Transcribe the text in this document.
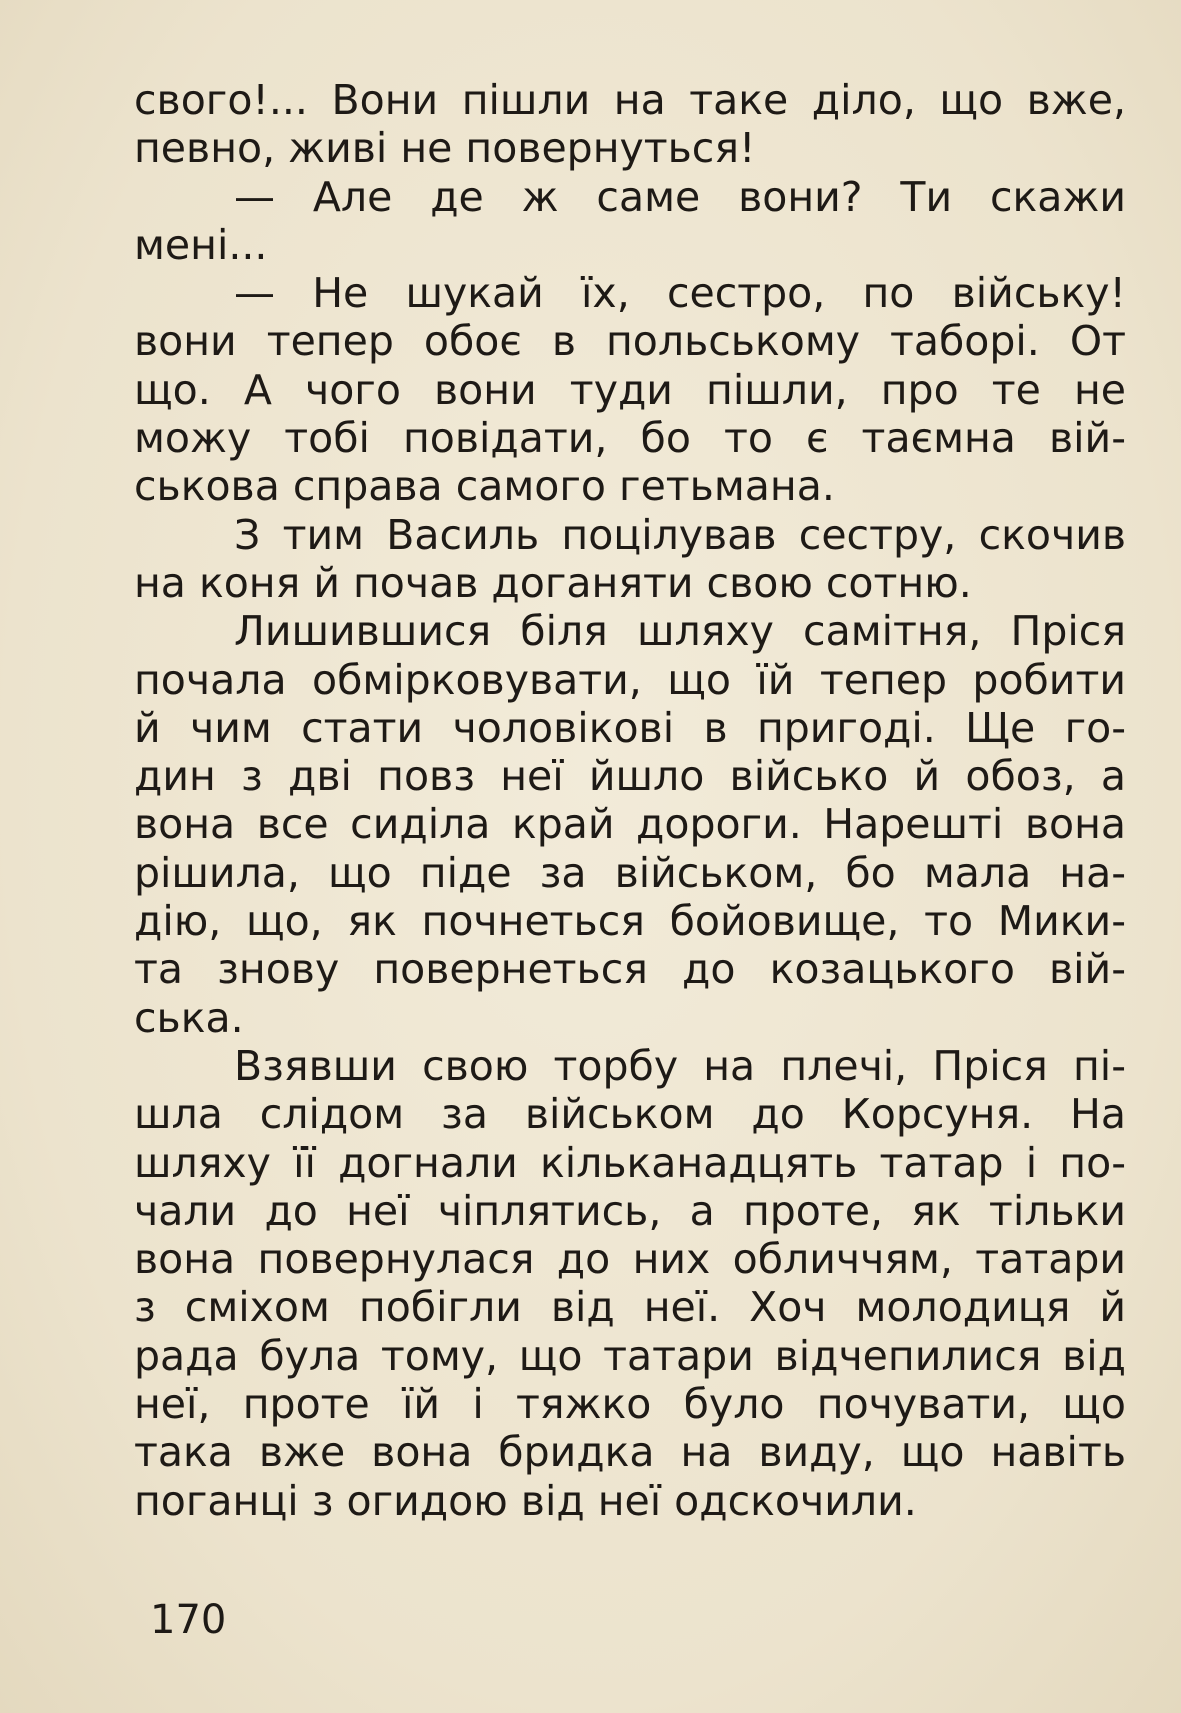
свого!... Вони пішли на таке діло, що вже,
певно, живі не повернуться!
— Але де ж саме вони? Ти скажи
мені...
— Не шукай їх, сестро, по війську!
вони тепер обоє в польському таборі. От
що. А чого вони туди пішли, про те не
можу тобі повідати, бо то є таємна вій-
ськова справа самого гетьмана.
З тим Василь поцілував сестру, скочив
на коня й почав доганяти свою сотню.
Лишившися біля шляху самітня, Пріся
почала обмірковувати, що їй тепер робити
й чим стати чоловікові в пригоді. Ще го-
дин з дві повз неї йшло військо й обоз, а
вона все сиділа край дороги. Нарешті вона
рішила, що піде за військом, бо мала на-
дію, що, як почнеться бойовище, то Мики-
та знову повернеться до козацького вій-
ська.
Взявши свою торбу на плечі, Пріся пі-
шла слідом за військом до Корсуня. На
шляху її догнали кільканадцять татар і по-
чали до неї чіплятись, а проте, як тільки
вона повернулася до них обличчям, татари
з сміхом побігли від неї. Хоч молодиця й
рада була тому, що татари відчепилися від
неї, проте їй і тяжко було почувати, що
така вже вона бридка на виду, що навіть
поганці з огидою від неї одскочили.
170
